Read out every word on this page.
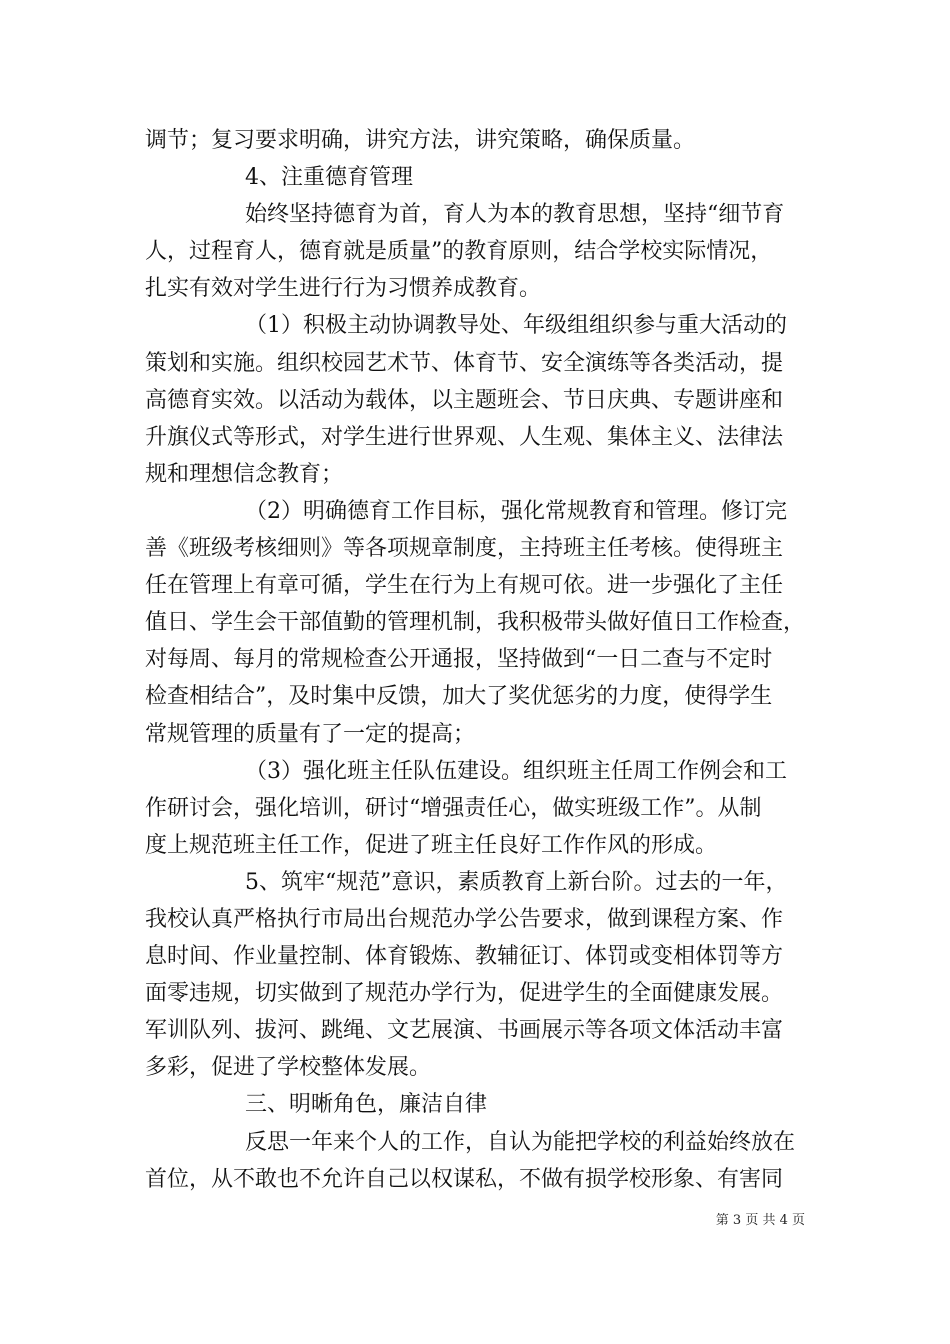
调节；复习要求明确，讲究方法，讲究策略，确保质量。
4、注重德育管理
始终坚持德育为首，育人为本的教育思想，坚持“细节育
人，过程育人，德育就是质量”的教育原则，结合学校实际情况，
扎实有效对学生进行行为习惯养成教育。
（1）积极主动协调教导处、年级组组织参与重大活动的
策划和实施。组织校园艺术节、体育节、安全演练等各类活动，提
高德育实效。以活动为载体，以主题班会、节日庆典、专题讲座和
升旗仪式等形式，对学生进行世界观、人生观、集体主义、法律法
规和理想信念教育；
（2）明确德育工作目标，强化常规教育和管理。修订完
善《班级考核细则》等各项规章制度，主持班主任考核。使得班主
任在管理上有章可循，学生在行为上有规可依。进一步强化了主任
值日、学生会干部值勤的管理机制，我积极带头做好值日工作检查，
对每周、每月的常规检查公开通报，坚持做到“一日二查与不定时
检查相结合”，及时集中反馈，加大了奖优惩劣的力度，使得学生
常规管理的质量有了一定的提高；
（3）强化班主任队伍建设。组织班主任周工作例会和工
作研讨会，强化培训，研讨“增强责任心，做实班级工作”。从制
度上规范班主任工作，促进了班主任良好工作作风的形成。
5、筑牢“规范”意识，素质教育上新台阶。过去的一年，
我校认真严格执行市局出台规范办学公告要求，做到课程方案、作
息时间、作业量控制、体育锻炼、教辅征订、体罚或变相体罚等方
面零违规，切实做到了规范办学行为，促进学生的全面健康发展。
军训队列、拔河、跳绳、文艺展演、书画展示等各项文体活动丰富
多彩，促进了学校整体发展。
三、明晰角色，廉洁自律
反思一年来个人的工作，自认为能把学校的利益始终放在
首位，从不敢也不允许自己以权谋私，不做有损学校形象、有害同
第 3 页 共 4 页
